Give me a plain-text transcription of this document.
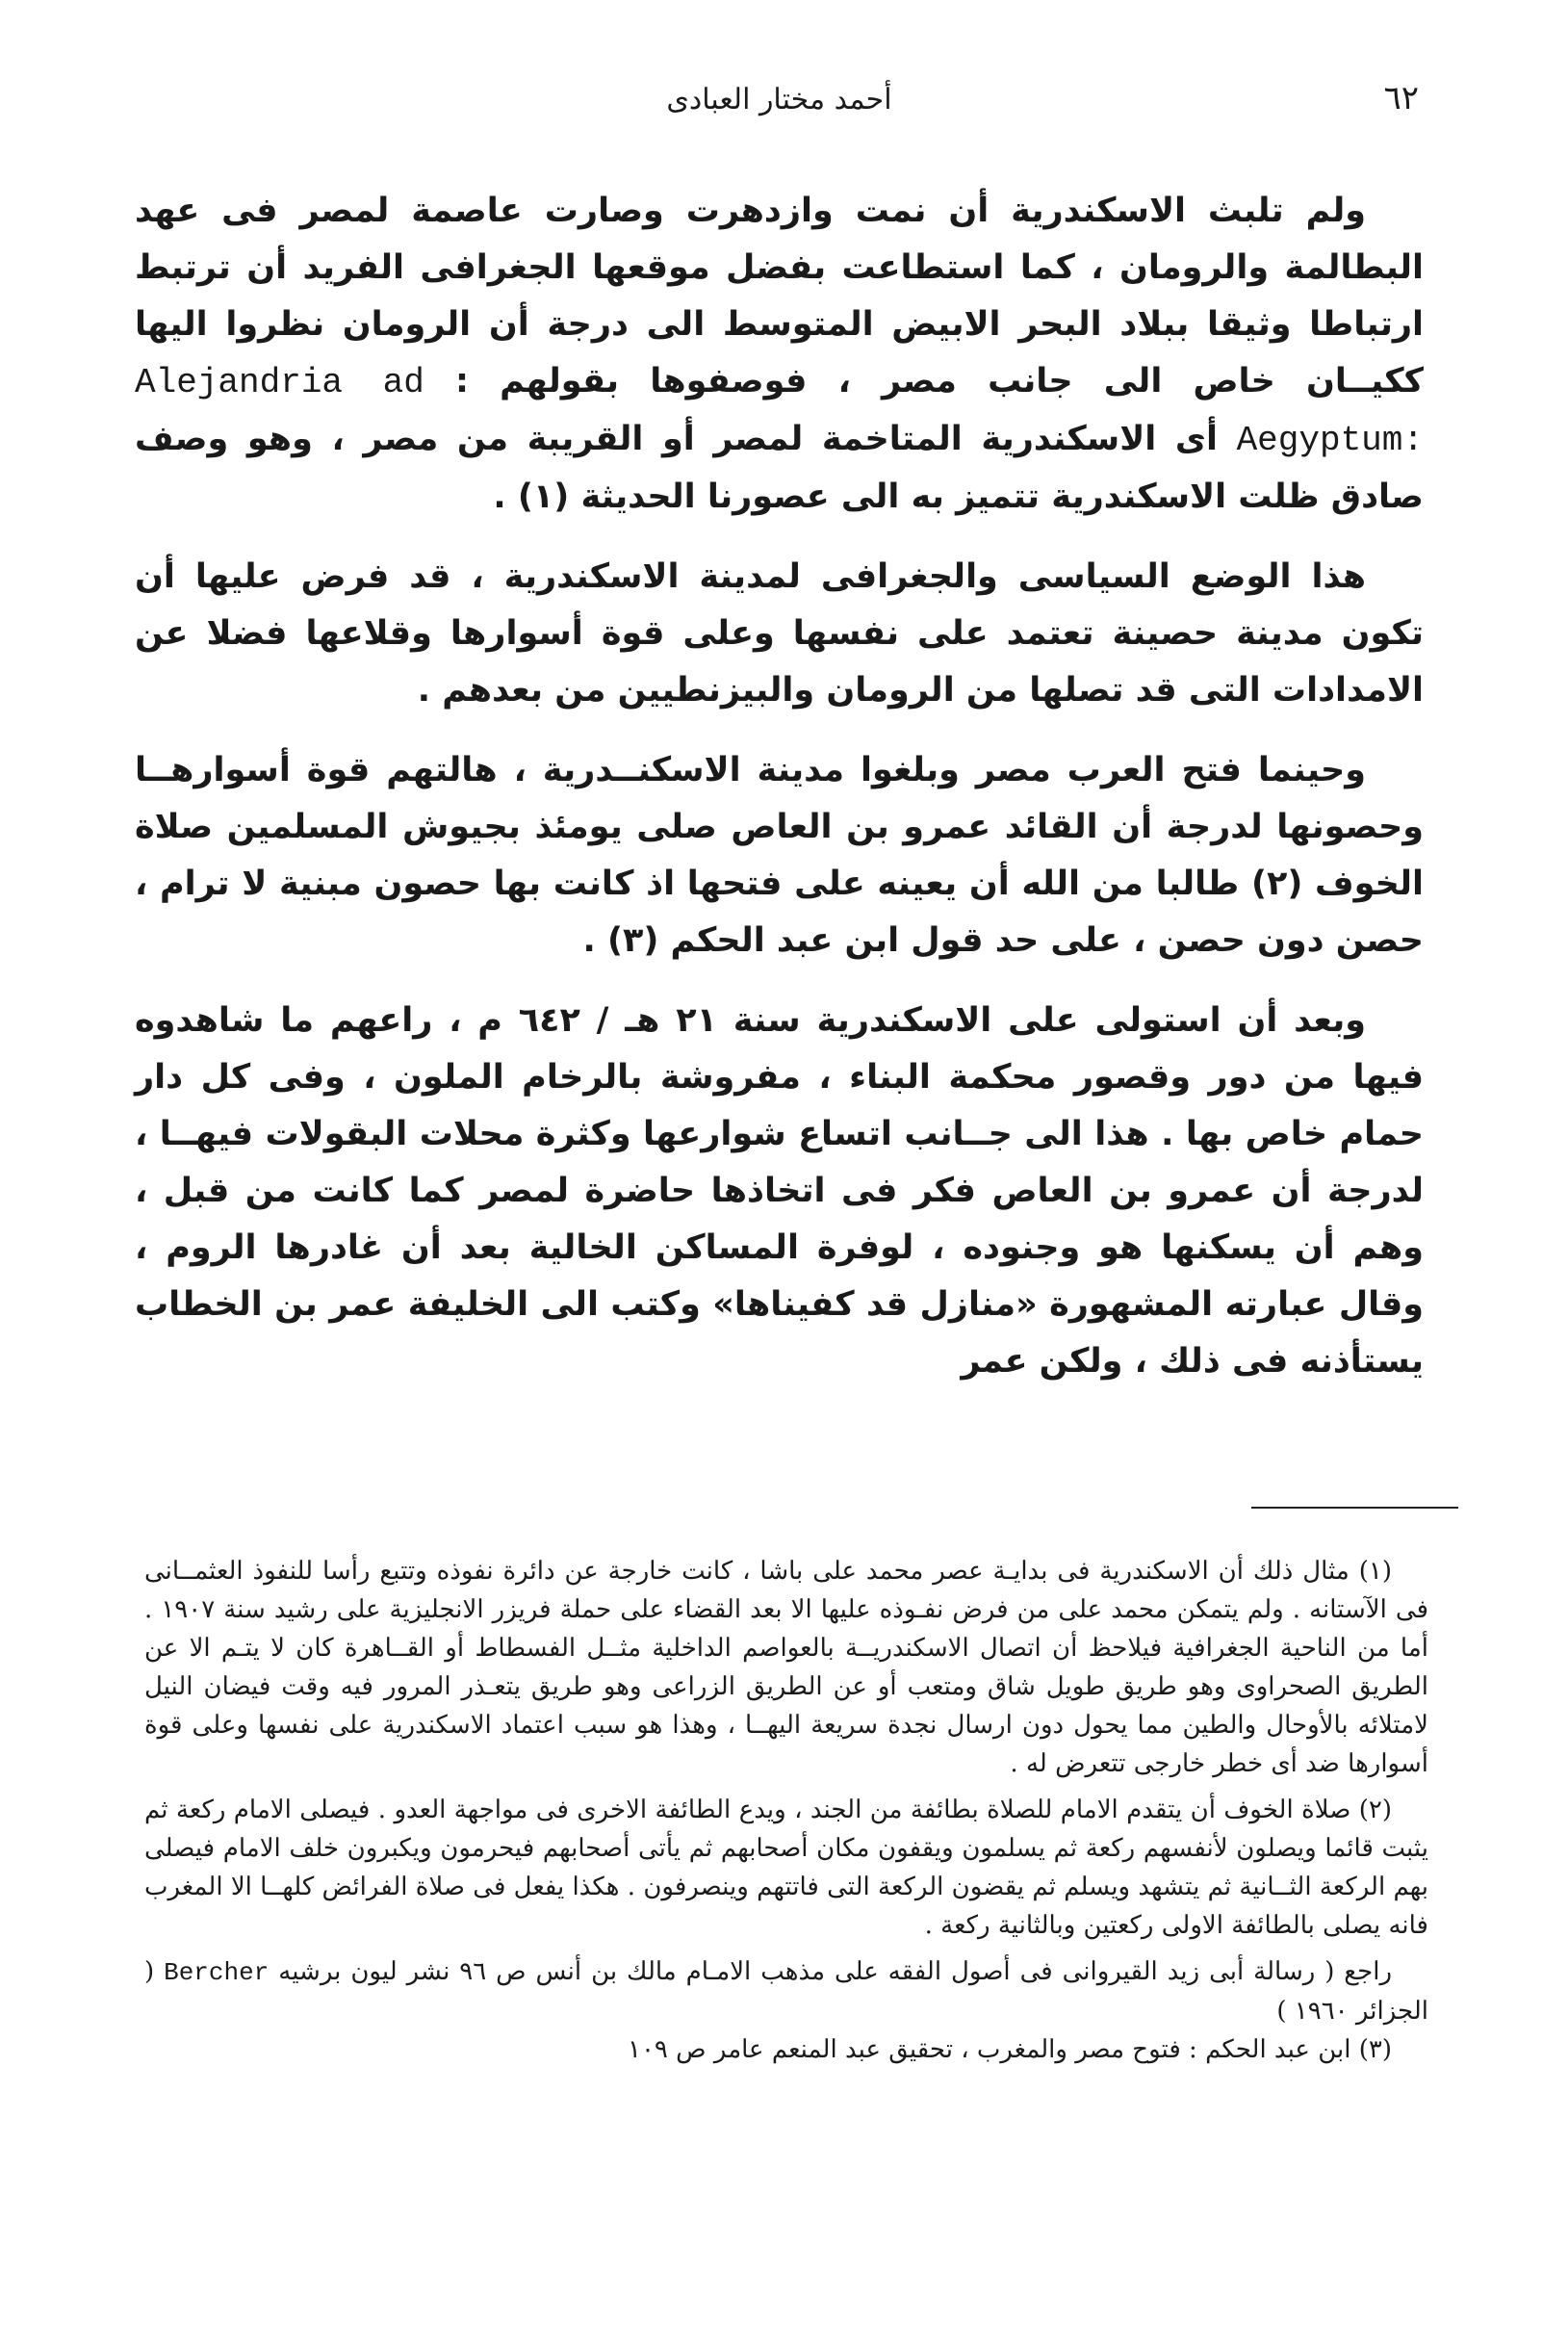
٦٢
أحمد مختار العبادى

ولم تلبث الاسكندرية أن نمت وازدهرت وصارت عاصمة لمصر فى عهد البطالمة والرومان ، كما استطاعت بفضل موقعها الجغرافى الفريد أن ترتبط ارتباطا وثيقا ببلاد البحر الابيض المتوسط الى درجة أن الرومان نظروا اليها ككيــان خاص الى جانب مصر ، فوصفوها بقولهم : Alejandria ad Aegyptum: أى الاسكندرية المتاخمة لمصر أو القريبة من مصر ، وهو وصف صادق ظلت الاسكندرية تتميز به الى عصورنا الحديثة (١) .

هذا الوضع السياسى والجغرافى لمدينة الاسكندرية ، قد فرض عليها أن تكون مدينة حصينة تعتمد على نفسها وعلى قوة أسوارها وقلاعها فضلا عن الامدادات التى قد تصلها من الرومان والبيزنطيين من بعدهم .

وحينما فتح العرب مصر وبلغوا مدينة الاسكنــدرية ، هالتهم قوة أسوارهــا وحصونها لدرجة أن القائد عمرو بن العاص صلى يومئذ بجيوش المسلمين صلاة الخوف (٢) طالبا من الله أن يعينه على فتحها اذ كانت بها حصون مبنية لا ترام ، حصن دون حصن ، على حد قول ابن عبد الحكم (٣) .

وبعد أن استولى على الاسكندرية سنة ٢١ هـ / ٦٤٢ م ، راعهم ما شاهدوه فيها من دور وقصور محكمة البناء ، مفروشة بالرخام الملون ، وفى كل دار حمام خاص بها . هذا الى جــانب اتساع شوارعها وكثرة محلات البقولات فيهــا ، لدرجة أن عمرو بن العاص فكر فى اتخاذها حاضرة لمصر كما كانت من قبل ، وهم أن يسكنها هو وجنوده ، لوفرة المساكن الخالية بعد أن غادرها الروم ، وقال عبارته المشهورة «منازل قد كفيناها» وكتب الى الخليفة عمر بن الخطاب يستأذنه فى ذلك ، ولكن عمر

(١) مثال ذلك أن الاسكندرية فى بدايـة عصر محمد على باشا ، كانت خارجة عن دائرة نفوذه وتتبع رأسا للنفوذ العثمــانى فى الآستانه . ولم يتمكن محمد على من فرض نفـوذه عليها الا بعد القضاء على حملة فريزر الانجليزية على رشيد سنة ١٩٠٧ . أما من الناحية الجغرافية فيلاحظ أن اتصال الاسكندريــة بالعواصم الداخلية مثــل الفسطاط أو القــاهرة كان لا يتـم الا عن الطريق الصحراوى وهو طريق طويل شاق ومتعب أو عن الطريق الزراعى وهو طريق يتعـذر المرور فيه وقت فيضان النيل لامتلائه بالأوحال والطين مما يحول دون ارسال نجدة سريعة اليهــا ، وهذا هو سبب اعتماد الاسكندرية على نفسها وعلى قوة أسوارها ضد أى خطر خارجى تتعرض له .

(٢) صلاة الخوف أن يتقدم الامام للصلاة بطائفة من الجند ، ويدع الطائفة الاخرى فى مواجهة العدو . فيصلى الامام ركعة ثم يثبت قائما ويصلون لأنفسهم ركعة ثم يسلمون ويقفون مكان أصحابهم ثم يأتى أصحابهم فيحرمون ويكبرون خلف الامام فيصلى بهم الركعة الثــانية ثم يتشهد ويسلم ثم يقضون الركعة التى فاتتهم وينصرفون . هكذا يفعل فى صلاة الفرائض كلهــا الا المغرب فانه يصلى بالطائفة الاولى ركعتين وبالثانية ركعة .

راجع ( رسالة أبى زيد القيروانى فى أصول الفقه على مذهب الامـام مالك بن أنس ص ٩٦ نشر ليون برشيه Bercher ( الجزائر ١٩٦٠ )

(٣) ابن عبد الحكم : فتوح مصر والمغرب ، تحقيق عبد المنعم عامر ص ١٠٩
